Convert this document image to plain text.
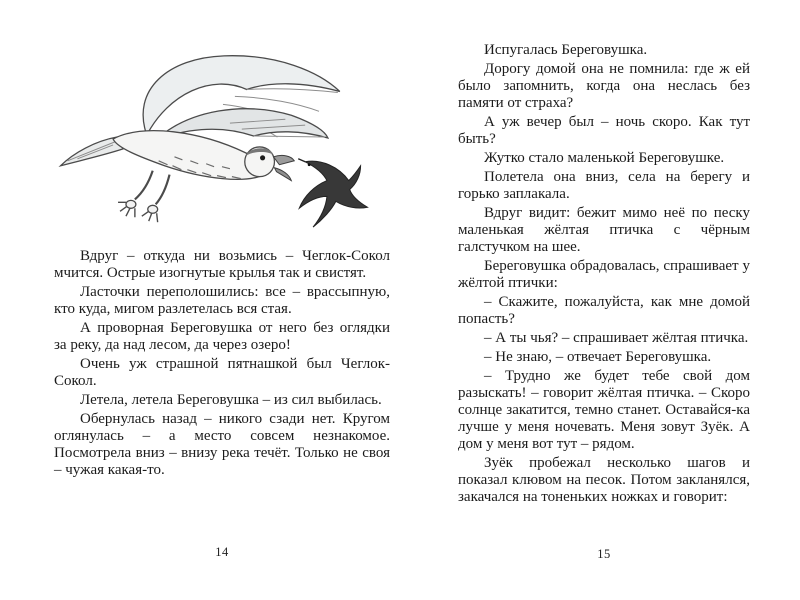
Вдруг – откуда ни возьмись – Чеглок-Сокол мчится. Острые изогнутые крылья так и свистят.

Ласточки переполошились: все – врассыпную, кто куда, мигом разлетелась вся стая.

А проворная Береговушка от него без оглядки за реку, да над лесом, да через озеро!

Очень уж страшной пятнашкой был Чеглок-Сокол.

Летела, летела Береговушка – из сил выбилась.

Обернулась назад – никого сзади нет. Кругом оглянулась – а место совсем незнакомое. Посмотрела вниз – внизу река течёт. Только не своя – чужая какая-то.

14

Испугалась Береговушка.

Дорогу домой она не помнила: где ж ей было запомнить, когда она неслась без памяти от страха?

А уж вечер был – ночь скоро. Как тут быть?

Жутко стало маленькой Береговушке.

Полетела она вниз, села на берегу и горько заплакала.

Вдруг видит: бежит мимо неё по песку маленькая жёлтая птичка с чёрным галстучком на шее.

Береговушка обрадовалась, спрашивает у жёлтой птички:

– Скажите, пожалуйста, как мне домой попасть?

– А ты чья? – спрашивает жёлтая птичка.

– Не знаю, – отвечает Береговушка.

– Трудно же будет тебе свой дом разыскать! – говорит жёлтая птичка. – Скоро солнце закатится, темно станет. Оставайся-ка лучше у меня ночевать. Меня зовут Зуёк. А дом у меня вот тут – рядом.

Зуёк пробежал несколько шагов и показал клювом на песок. Потом закланялся, закачался на тоненьких ножках и говорит:

15
